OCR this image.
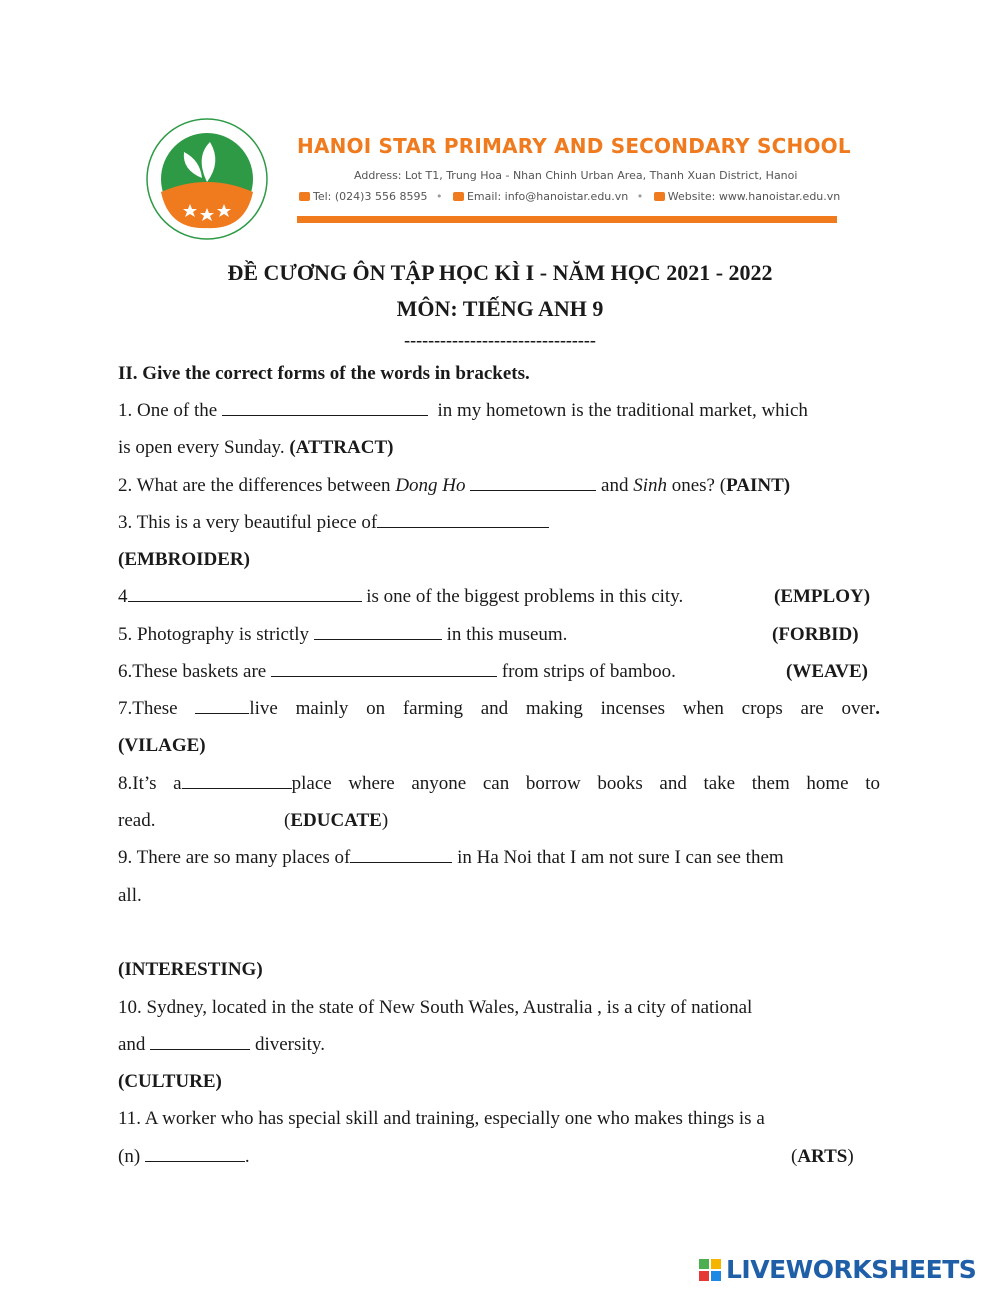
HANOI STAR PRIMARY AND SECONDARY SCHOOL
Address: Lot T1, Trung Hoa - Nhan Chinh Urban Area, Thanh Xuan District, Hanoi
Tel: (024)3 556 8595 • Email: info@hanoistar.edu.vn • Website: www.hanoistar.edu.vn
ĐỀ CƯƠNG ÔN TẬP HỌC KÌ I - NĂM HỌC 2021 - 2022
MÔN: TIẾNG ANH 9
--------------------------------
II. Give the correct forms of the words in brackets.
1. One of the	in my hometown is the traditional market, which
is open every Sunday. (ATTRACT)
2. What are the differences between Dong Ho	and Sinh ones? (PAINT)
3. This is a very beautiful piece of
(EMBROIDER)
4	is one of the biggest problems in this city.	(EMPLOY)
5. Photography is strictly	in this museum.	(FORBID)
6.These baskets are	from strips of bamboo.	(WEAVE)
7.These	live mainly on farming and making incenses when crops are over.
(VILAGE)
8.It’s a	place where anyone can borrow books and take them home to
read.	(EDUCATE)
9. There are so many places of	in Ha Noi that I am not sure I can see them
all.
(INTERESTING)
10. Sydney, located in the state of New South Wales, Australia , is a city of national
and	diversity.
(CULTURE)
11. A worker who has special skill and training, especially one who makes things is a
(n)	.	(ARTS)
LIVEWORKSHEETS
